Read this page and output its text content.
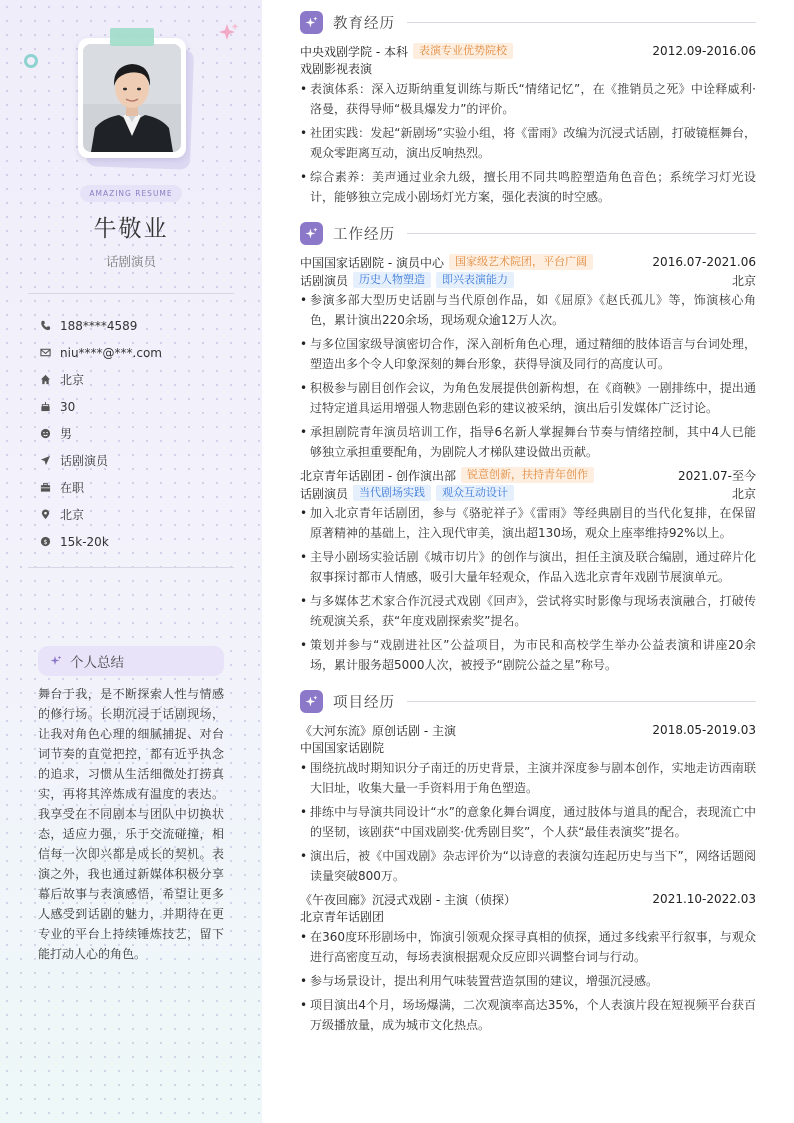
AMAZING RESUME
牛敬业
话剧演员
188****4589
niu****@***.com
北京
30
男
话剧演员
在职
北京
$ 15k-20k
个人总结

舞台于我，是不断探索人性与情感的修行场。长期沉浸于话剧现场，让我对角色心理的细腻捕捉、对台词节奏的直觉把控，都有近乎执念的追求，习惯从生活细微处打捞真实，再将其淬炼成有温度的表达。我享受在不同剧本与团队中切换状态，适应力强，乐于交流碰撞，相信每一次即兴都是成长的契机。表演之外，我也通过新媒体积极分享幕后故事与表演感悟，希望让更多人感受到话剧的魅力，并期待在更专业的平台上持续锤炼技艺，留下能打动人心的角色。

教育经历
中央戏剧学院 - 本科	表演专业优势院校	2012.09-2016.06
戏剧影视表演
• 表演体系：深入迈斯纳重复训练与斯氏“情绪记忆”，在《推销员之死》中诠释威利·洛曼，获得导师“极具爆发力”的评价。
• 社团实践：发起“新剧场”实验小组，将《雷雨》改编为沉浸式话剧，打破镜框舞台，观众零距离互动，演出反响热烈。
• 综合素养：美声通过业余九级，擅长用不同共鸣腔塑造角色音色；系统学习灯光设计，能够独立完成小剧场灯光方案，强化表演的时空感。
工作经历
中国国家话剧院 - 演员中心	国家级艺术院团，平台广阔	2016.07-2021.06
话剧演员	历史人物塑造	即兴表演能力	北京
• 参演多部大型历史话剧与当代原创作品，如《屈原》《赵氏孤儿》等，饰演核心角色，累计演出220余场，现场观众逾12万人次。
• 与多位国家级导演密切合作，深入剖析角色心理，通过精细的肢体语言与台词处理，塑造出多个令人印象深刻的舞台形象，获得导演及同行的高度认可。
• 积极参与剧目创作会议，为角色发展提供创新构想，在《商鞅》一剧排练中，提出通过特定道具运用增强人物悲剧色彩的建议被采纳，演出后引发媒体广泛讨论。
• 承担剧院青年演员培训工作，指导6名新人掌握舞台节奏与情绪控制，其中4人已能够独立承担重要配角，为剧院人才梯队建设做出贡献。
北京青年话剧团 - 创作演出部	锐意创新，扶持青年创作	2021.07-至今
话剧演员	当代剧场实践	观众互动设计	北京
• 加入北京青年话剧团，参与《骆驼祥子》《雷雨》等经典剧目的当代化复排，在保留原著精神的基础上，注入现代审美，演出超130场，观众上座率维持92%以上。
• 主导小剧场实验话剧《城市切片》的创作与演出，担任主演及联合编剧，通过碎片化叙事探讨都市人情感，吸引大量年轻观众，作品入选北京青年戏剧节展演单元。
• 与多媒体艺术家合作沉浸式戏剧《回声》，尝试将实时影像与现场表演融合，打破传统观演关系，获“年度戏剧探索奖”提名。
• 策划并参与“戏剧进社区”公益项目，为市民和高校学生举办公益表演和讲座20余场，累计服务超5000人次，被授予“剧院公益之星”称号。
项目经历
《大河东流》原创话剧 - 主演	2018.05-2019.03
中国国家话剧院
• 围绕抗战时期知识分子南迁的历史背景，主演并深度参与剧本创作，实地走访西南联大旧址，收集大量一手资料用于角色塑造。
• 排练中与导演共同设计“水”的意象化舞台调度，通过肢体与道具的配合，表现流亡中的坚韧，该剧获“中国戏剧奖·优秀剧目奖”，个人获“最佳表演奖”提名。
• 演出后，被《中国戏剧》杂志评价为“以诗意的表演勾连起历史与当下”，网络话题阅读量突破800万。
《午夜回廊》沉浸式戏剧 - 主演（侦探）	2021.10-2022.03
北京青年话剧团
• 在360度环形剧场中，饰演引领观众探寻真相的侦探，通过多线索平行叙事，与观众进行高密度互动，每场表演根据观众反应即兴调整台词与行动。
• 参与场景设计，提出利用气味装置营造氛围的建议，增强沉浸感。
• 项目演出4个月，场场爆满，二次观演率高达35%，个人表演片段在短视频平台获百万级播放量，成为城市文化热点。
